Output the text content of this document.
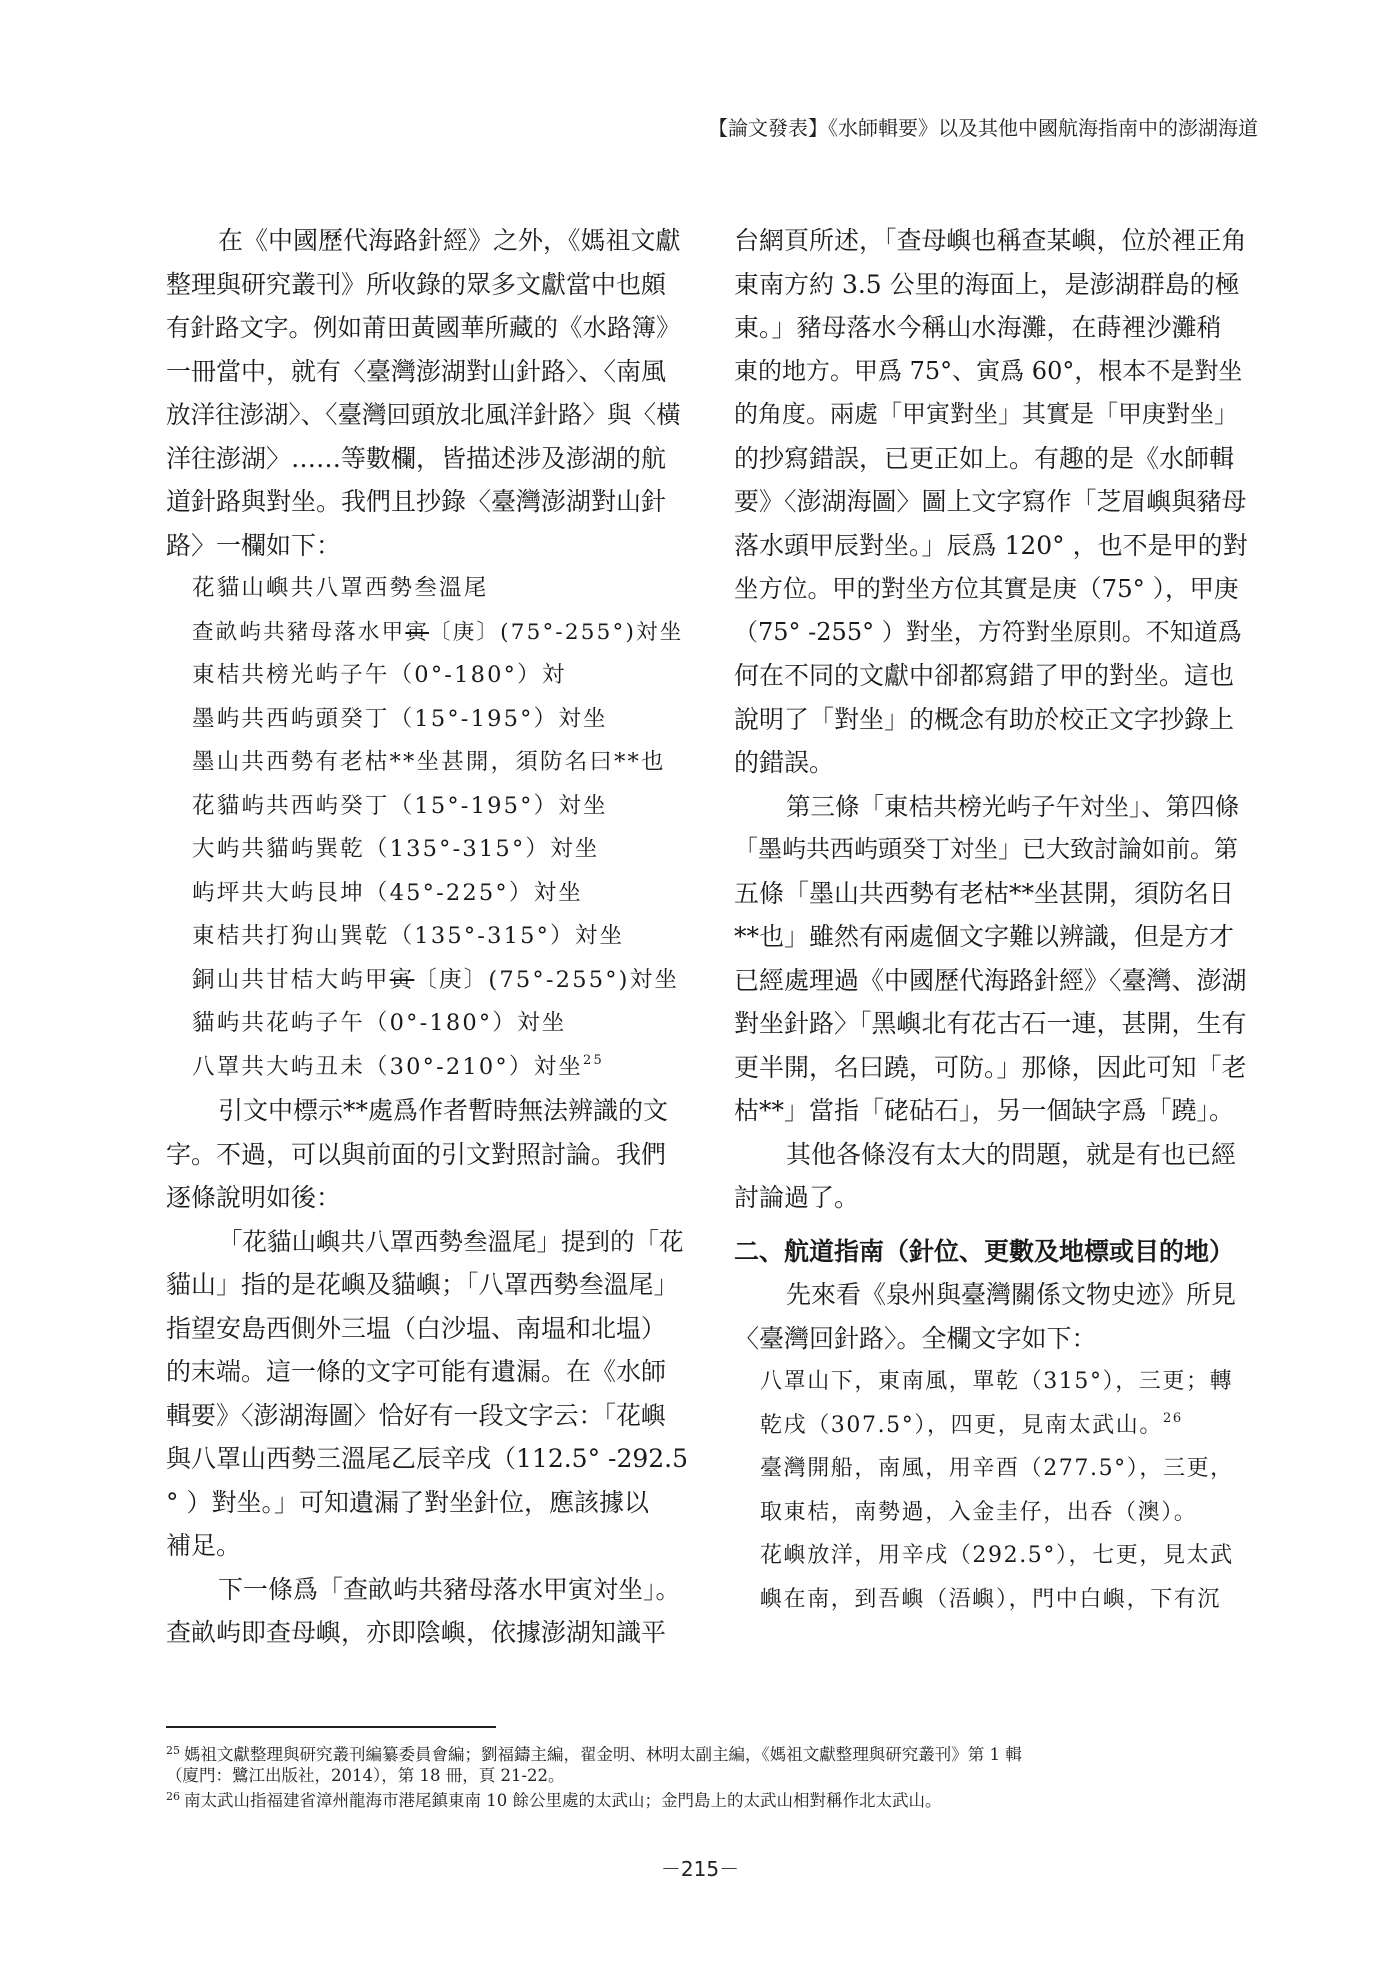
【論文發表】《水師輯要》以及其他中國航海指南中的澎湖海道
在《中國歷代海路針經》之外，《媽祖文獻
整理與研究叢刊》所收錄的眾多文獻當中也頗
有針路文字。例如莆田黃國華所藏的《水路簿》
一冊當中，就有〈臺灣澎湖對山針路〉、〈南風
放洋往澎湖〉、〈臺灣回頭放北風洋針路〉與〈橫
洋往澎湖〉……等數欄，皆描述涉及澎湖的航
道針路與對坐。我們且抄錄〈臺灣澎湖對山針
路〉一欄如下：
花貓山嶼共八罩西勢叁溫尾
查畝屿共豬母落水甲寅〔庚〕(75°-255°)対坐
東桔共榜光屿子午（0°-180°）対
墨屿共西屿頭癸丁（15°-195°）対坐
墨山共西勢有老枯**坐甚開，須防名曰**也
花貓屿共西屿癸丁（15°-195°）対坐
大屿共貓屿巽乾（135°-315°）対坐
屿坪共大屿艮坤（45°-225°）対坐
東桔共打狗山巽乾（135°-315°）対坐
銅山共甘桔大屿甲寅〔庚〕(75°-255°)対坐
貓屿共花屿子午（0°-180°）対坐
八罩共大屿丑未（30°-210°）対坐$^{25}$
引文中標示**處爲作者暫時無法辨識的文
字。不過，可以與前面的引文對照討論。我們
逐條說明如後：
「花貓山嶼共八罩西勢叁溫尾」提到的「花
貓山」指的是花嶼及貓嶼；「八罩西勢叁溫尾」
指望安島西側外三塭（白沙塭、南塭和北塭）
的末端。這一條的文字可能有遺漏。在《水師
輯要》〈澎湖海圖〉恰好有一段文字云：「花嶼
與八罩山西勢三溫尾乙辰辛戌（112.5° -292.5
° ）對坐。」可知遺漏了對坐針位，應該據以
補足。
下一條爲「查畝屿共豬母落水甲寅対坐」。
查畝屿即查母嶼，亦即陰嶼，依據澎湖知識平
台網頁所述，「查母嶼也稱查某嶼，位於裡正角
東南方約 3.5 公里的海面上，是澎湖群島的極
東。」豬母落水今稱山水海灘，在蒔裡沙灘稍
東的地方。甲爲 75°、寅爲 60°，根本不是對坐
的角度。兩處「甲寅對坐」其實是「甲庚對坐」
的抄寫錯誤，已更正如上。有趣的是《水師輯
要》〈澎湖海圖〉圖上文字寫作「芝眉嶼與豬母
落水頭甲辰對坐。」辰爲 120° ，也不是甲的對
坐方位。甲的對坐方位其實是庚（75° ），甲庚
（75° -255° ）對坐，方符對坐原則。不知道爲
何在不同的文獻中卻都寫錯了甲的對坐。這也
說明了「對坐」的概念有助於校正文字抄錄上
的錯誤。
第三條「東桔共榜光屿子午対坐」、第四條
「墨屿共西屿頭癸丁対坐」已大致討論如前。第
五條「墨山共西勢有老枯**坐甚開，須防名日
**也」雖然有兩處個文字難以辨識，但是方才
已經處理過《中國歷代海路針經》〈臺灣、澎湖
對坐針路〉「黑嶼北有花古石一連，甚開，生有
更半開，名曰蹺，可防。」那條，因此可知「老
枯**」當指「硓砧石」，另一個缺字爲「蹺」。
其他各條沒有太大的問題，就是有也已經
討論過了。
二、航道指南（針位、更數及地標或目的地）
先來看《泉州與臺灣關係文物史迹》所見
〈臺灣回針路〉。全欄文字如下：
八罩山下，東南風，單乾（315°），三更；轉
乾戌（307.5°），四更，見南太武山。$^{26}$
臺灣開船，南風，用辛酉（277.5°），三更，
取東桔，南勢過，入金圭仔，出呑（澳）。
花嶼放洋，用辛戌（292.5°），七更，見太武
嶼在南，到吾嶼（浯嶼），門中白嶼，下有沉
$^{25}$ 媽祖文獻整理與研究叢刊編纂委員會編；劉福鑄主編，翟金明、林明太副主編，《媽祖文獻整理與研究叢刊》第 1 輯
（廈門：鷺江出版社，2014），第 18 冊，頁 21-22。
$^{26}$ 南太武山指福建省漳州龍海市港尾鎮東南 10 餘公里處的太武山；金門島上的太武山相對稱作北太武山。
－215－
